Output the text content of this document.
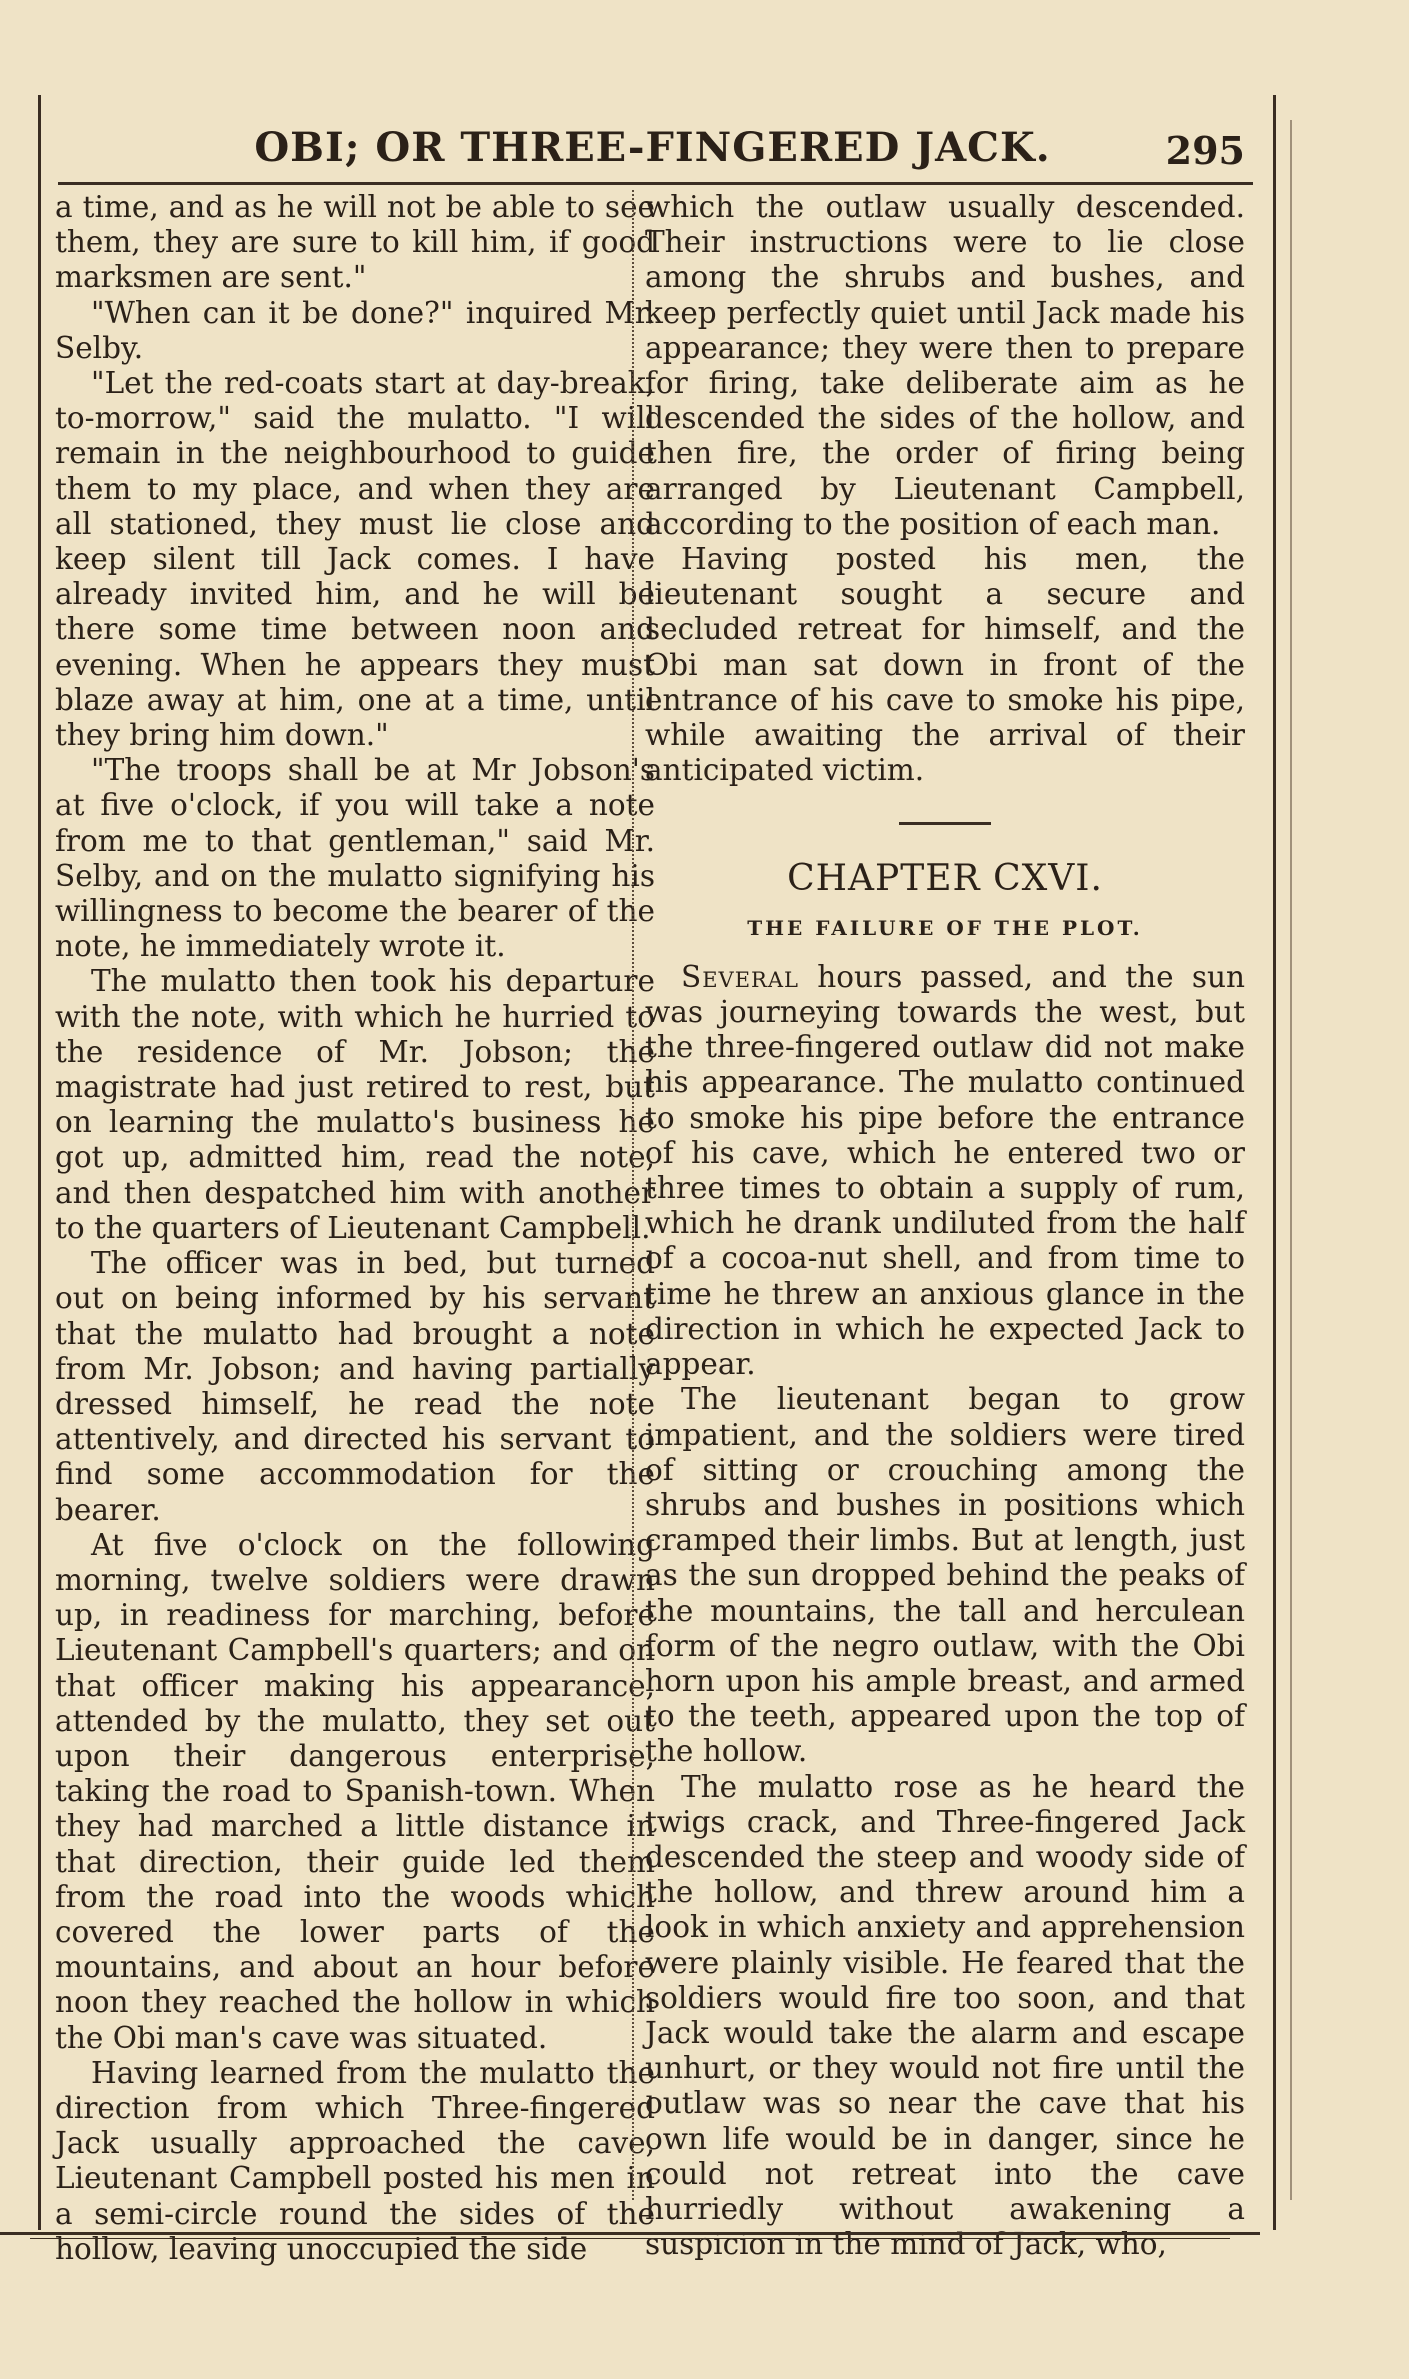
OBI; OR THREE-FINGERED JACK.	295

a time, and as he will not be able to see them, they are sure to kill him, if good marksmen are sent."

"When can it be done?" inquired Mr. Selby.

"Let the red-coats start at day-break, to-morrow," said the mulatto. "I will remain in the neighbourhood to guide them to my place, and when they are all stationed, they must lie close and keep silent till Jack comes. I have already invited him, and he will be there some time between noon and evening. When he appears they must blaze away at him, one at a time, until they bring him down."

"The troops shall be at Mr Jobson's at five o'clock, if you will take a note from me to that gentleman," said Mr. Selby, and on the mulatto signifying his willingness to become the bearer of the note, he immediately wrote it.

The mulatto then took his departure with the note, with which he hurried to the residence of Mr. Jobson; the magistrate had just retired to rest, but on learning the mulatto's business he got up, admitted him, read the note, and then despatched him with another to the quarters of Lieutenant Campbell.

The officer was in bed, but turned out on being informed by his servant that the mulatto had brought a note from Mr. Jobson; and having partially dressed himself, he read the note attentively, and directed his servant to find some accommodation for the bearer.

At five o'clock on the following morning, twelve soldiers were drawn up, in readiness for marching, before Lieutenant Campbell's quarters; and on that officer making his appearance, attended by the mulatto, they set out upon their dangerous enterprise, taking the road to Spanish-town. When they had marched a little distance in that direction, their guide led them from the road into the woods which covered the lower parts of the mountains, and about an hour before noon they reached the hollow in which the Obi man's cave was situated.

Having learned from the mulatto the direction from which Three-fingered Jack usually approached the cave, Lieutenant Campbell posted his men in a semi-circle round the sides of the hollow, leaving unoccupied the side

which the outlaw usually descended. Their instructions were to lie close among the shrubs and bushes, and keep perfectly quiet until Jack made his appearance; they were then to prepare for firing, take deliberate aim as he descended the sides of the hollow, and then fire, the order of firing being arranged by Lieutenant Campbell, according to the position of each man.

Having posted his men, the lieutenant sought a secure and secluded retreat for himself, and the Obi man sat down in front of the entrance of his cave to smoke his pipe, while awaiting the arrival of their anticipated victim.

CHAPTER CXVI.
THE FAILURE OF THE PLOT.

Several hours passed, and the sun was journeying towards the west, but the three-fingered outlaw did not make his appearance. The mulatto continued to smoke his pipe before the entrance of his cave, which he entered two or three times to obtain a supply of rum, which he drank undiluted from the half of a cocoa-nut shell, and from time to time he threw an anxious glance in the direction in which he expected Jack to appear.

The lieutenant began to grow impatient, and the soldiers were tired of sitting or crouching among the shrubs and bushes in positions which cramped their limbs. But at length, just as the sun dropped behind the peaks of the mountains, the tall and herculean form of the negro outlaw, with the Obi horn upon his ample breast, and armed to the teeth, appeared upon the top of the hollow.

The mulatto rose as he heard the twigs crack, and Three-fingered Jack descended the steep and woody side of the hollow, and threw around him a look in which anxiety and apprehension were plainly visible. He feared that the soldiers would fire too soon, and that Jack would take the alarm and escape unhurt, or they would not fire until the outlaw was so near the cave that his own life would be in danger, since he could not retreat into the cave hurriedly without awakening a suspicion in the mind of Jack, who,
